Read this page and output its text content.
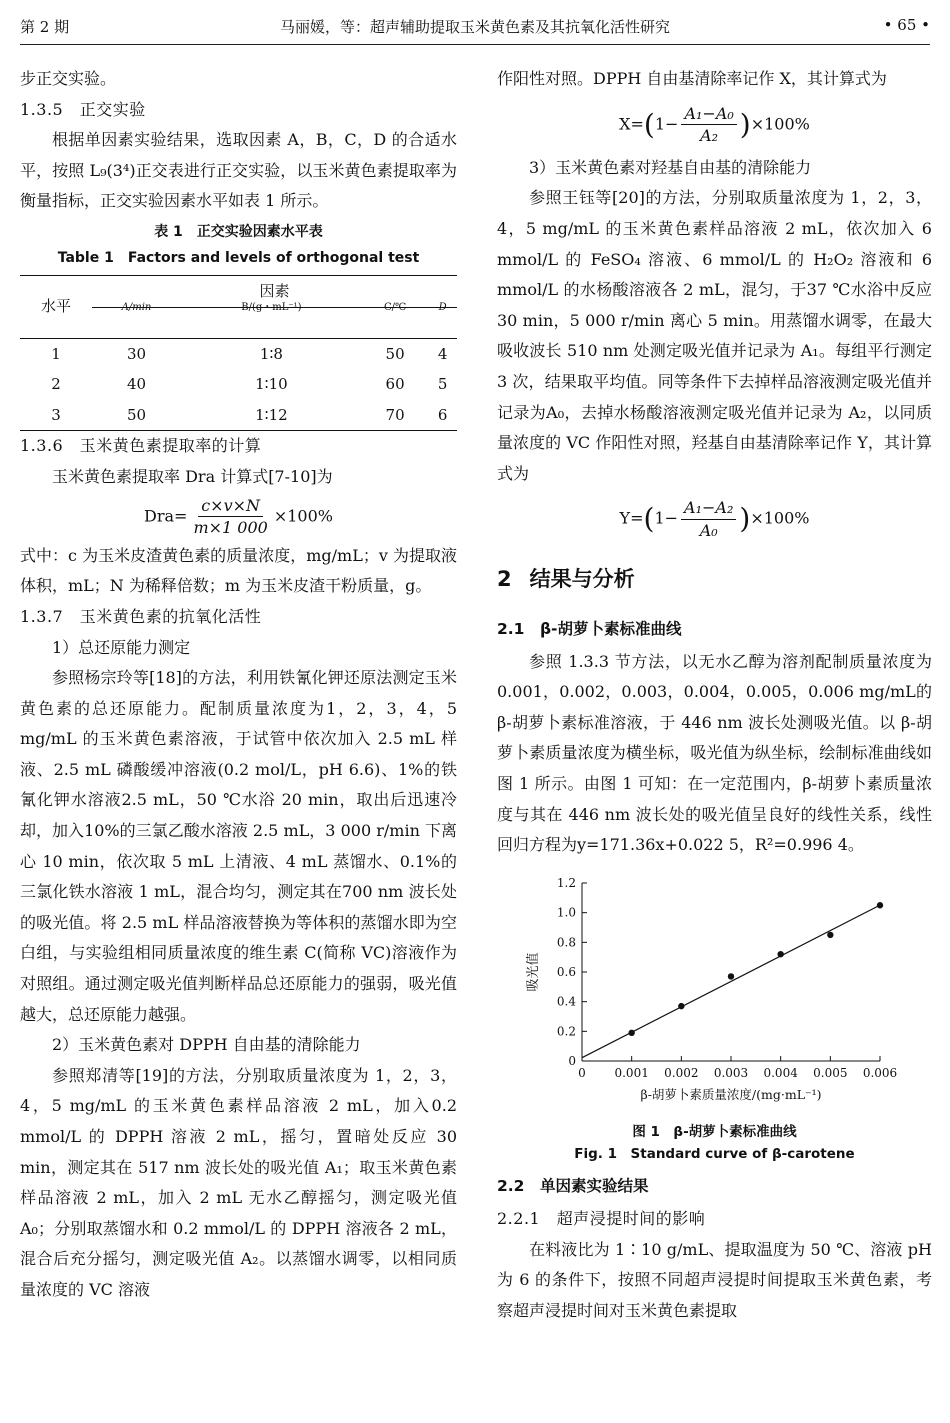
第 2 期	马丽媛，等：超声辅助提取玉米黄色素及其抗氧化活性研究	• 65 •

步正交实验。

1.3.5　正交实验

根据单因素实验结果，选取因素 A，B，C，D 的合适水平，按照 L₉(3⁴)正交表进行正交实验，以玉米黄色素提取率为衡量指标，正交实验因素水平如表 1 所示。

表 1　正交实验因素水平表
Table 1　Factors and levels of orthogonal test
水平	因素			
	A/min	B/(g・mL⁻¹)	C/℃	D
1	30	1∶8	50	4
2	40	1∶10	60	5
3	50	1∶12	70	6

1.3.6　玉米黄色素提取率的计算

玉米黄色素提取率 Dra 计算式[7-10]为

$Dra= \frac{c\times v\times N}{m\times 1 000} \times 100\%$

式中：c 为玉米皮渣黄色素的质量浓度，mg/mL；v 为提取液体积，mL；N 为稀释倍数；m 为玉米皮渣干粉质量，g。

1.3.7　玉米黄色素的抗氧化活性

1）总还原能力测定

参照杨宗玲等[18]的方法，利用铁氰化钾还原法测定玉米黄色素的总还原能力。配制质量浓度为1，2，3，4，5 mg/mL 的玉米黄色素溶液，于试管中依次加入 2.5 mL 样液、2.5 mL 磷酸缓冲溶液(0.2 mol/L，pH 6.6)、1%的铁氰化钾水溶液2.5 mL，50 ℃水浴 20 min，取出后迅速冷却，加入10%的三氯乙酸水溶液 2.5 mL，3 000 r/min 下离心 10 min，依次取 5 mL 上清液、4 mL 蒸馏水、0.1%的三氯化铁水溶液 1 mL，混合均匀，测定其在700 nm 波长处的吸光值。将 2.5 mL 样品溶液替换为等体积的蒸馏水即为空白组，与实验组相同质量浓度的维生素 C(简称 VC)溶液作为对照组。通过测定吸光值判断样品总还原能力的强弱，吸光值越大，总还原能力越强。

2）玉米黄色素对 DPPH 自由基的清除能力

参照郑清等[19]的方法，分别取质量浓度为 1，2，3，4，5 mg/mL 的玉米黄色素样品溶液 2 mL，加入0.2 mmol/L 的 DPPH 溶液 2 mL，摇匀，置暗处反应 30 min，测定其在 517 nm 波长处的吸光值 A₁；取玉米黄色素样品溶液 2 mL，加入 2 mL 无水乙醇摇匀，测定吸光值 A₀；分别取蒸馏水和 0.2 mmol/L 的 DPPH 溶液各 2 mL，混合后充分摇匀，测定吸光值 A₂。以蒸馏水调零，以相同质量浓度的 VC 溶液

作阳性对照。DPPH 自由基清除率记作 X，其计算式为

$X=(1- \frac{\text{A₁−A₀}}{\text{A₂}} )\times 100\%$

3）玉米黄色素对羟基自由基的清除能力

参照王钰等[20]的方法，分别取质量浓度为 1，2，3，4，5 mg/mL 的玉米黄色素样品溶液 2 mL，依次加入 6 mmol/L 的 FeSO₄ 溶液、6 mmol/L 的 H₂O₂ 溶液和 6 mmol/L 的水杨酸溶液各 2 mL，混匀，于37 ℃水浴中反应 30 min，5 000 r/min 离心 5 min。用蒸馏水调零，在最大吸收波长 510 nm 处测定吸光值并记录为 A₁。每组平行测定 3 次，结果取平均值。同等条件下去掉样品溶液测定吸光值并记录为A₀，去掉水杨酸溶液测定吸光值并记录为 A₂，以同质量浓度的 VC 作阳性对照，羟基自由基清除率记作 Y，其计算式为

$Y=(1- \frac{\text{A₁−A₂}}{\text{A₀}} )\times 100\%$
2 结果与分析

2.1　β-胡萝卜素标准曲线

参照 1.3.3 节方法，以无水乙醇为溶剂配制质量浓度为 0.001，0.002，0.003，0.004，0.005，0.006 mg/mL的 β-胡萝卜素标准溶液，于 446 nm 波长处测吸光值。以 β-胡萝卜素质量浓度为横坐标，吸光值为纵坐标，绘制标准曲线如图 1 所示。由图 1 可知：在一定范围内，β-胡萝卜素质量浓度与其在 446 nm 波长处的吸光值呈良好的线性关系，线性回归方程为y=171.36x+0.022 5，R²=0.996 4。

0 0.001 0.002 0.003 0.004 0.005 0.006
0
0.2
0.4
0.6
0.8
1.0
1.2
β-胡萝卜素质量浓度/(mg·mL⁻¹)
吸光值
图 1　β-胡萝卜素标准曲线
Fig. 1　Standard curve of β-carotene

2.2　单因素实验结果

2.2.1　超声浸提时间的影响

在料液比为 1∶10 g/mL、提取温度为 50 ℃、溶液 pH 为 6 的条件下，按照不同超声浸提时间提取玉米黄色素，考察超声浸提时间对玉米黄色素提取
